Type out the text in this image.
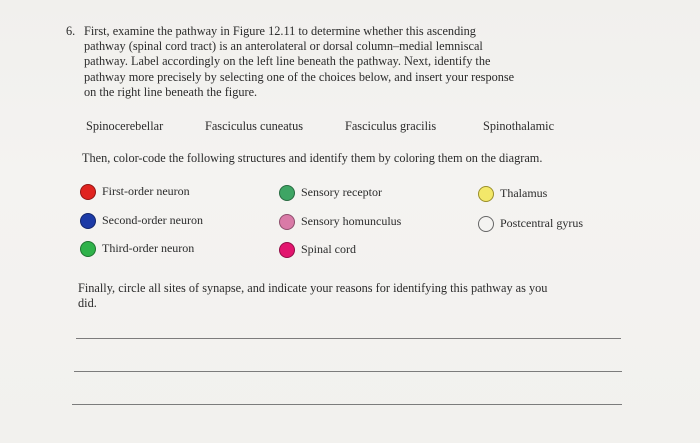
6. First, examine the pathway in Figure 12.11 to determine whether this ascending
pathway (spinal cord tract) is an anterolateral or dorsal column–medial lemniscal
pathway. Label accordingly on the left line beneath the pathway. Next, identify the
pathway more precisely by selecting one of the choices below, and insert your response
on the right line beneath the figure.

Spinocerebellar	Fasciculus cuneatus	Fasciculus gracilis	Spinothalamic
Then, color-code the following structures and identify them by coloring them on the diagram.
First-order neuron
Second-order neuron
Third-order neuron
Sensory receptor
Sensory homunculus
Spinal cord
Thalamus
Postcentral gyrus

Finally, circle all sites of synapse, and indicate your reasons for identifying this pathway as you did.
